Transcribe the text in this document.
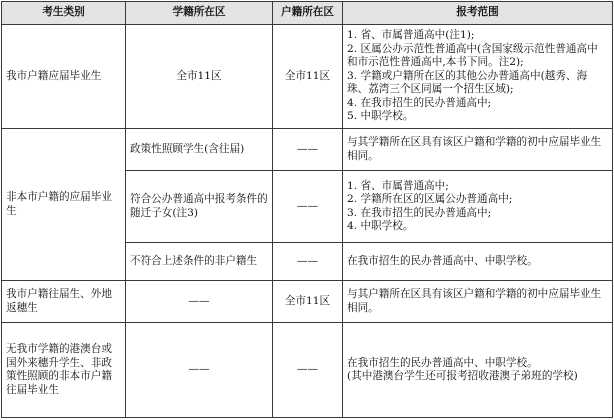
考生类别	学籍所在区	户籍所在区	报考范围
我市户籍应届毕业生	全市11区	全市11区	1. 省、市属普通高中(注1);
2. 区属公办示范性普通高中(含国家级示范性普通高中和市示范性普通高中,本书下同。注2);
3. 学籍或户籍所在区的其他公办普通高中(越秀、海珠、荔湾三个区同属一个招生区域);
4. 在我市招生的民办普通高中;
5. 中职学校。

非本市户籍的应届毕业生	政策性照顾学生(含往届)	——	与其学籍所在区具有该区户籍和学籍的初中应届毕业生相同。
	符合公办普通高中报考条件的随迁子女(注3)	——	1. 省、市属普通高中;
2. 学籍所在区的区属公办普通高中;
3. 在我市招生的民办普通高中;
4. 中职学校。

	不符合上述条件的非户籍生	——	在我市招生的民办普通高中、中职学校。
我市户籍往届生、外地返穗生	——	全市11区	与其户籍所在区具有该区户籍和学籍的初中应届毕业生相同。
无我市学籍的港澳台或国外来穗升学生、非政策性照顾的非本市户籍往届毕业生	——	——	在我市招生的民办普通高中、中职学校。
(其中港澳台学生还可报考招收港澳子弟班的学校)
